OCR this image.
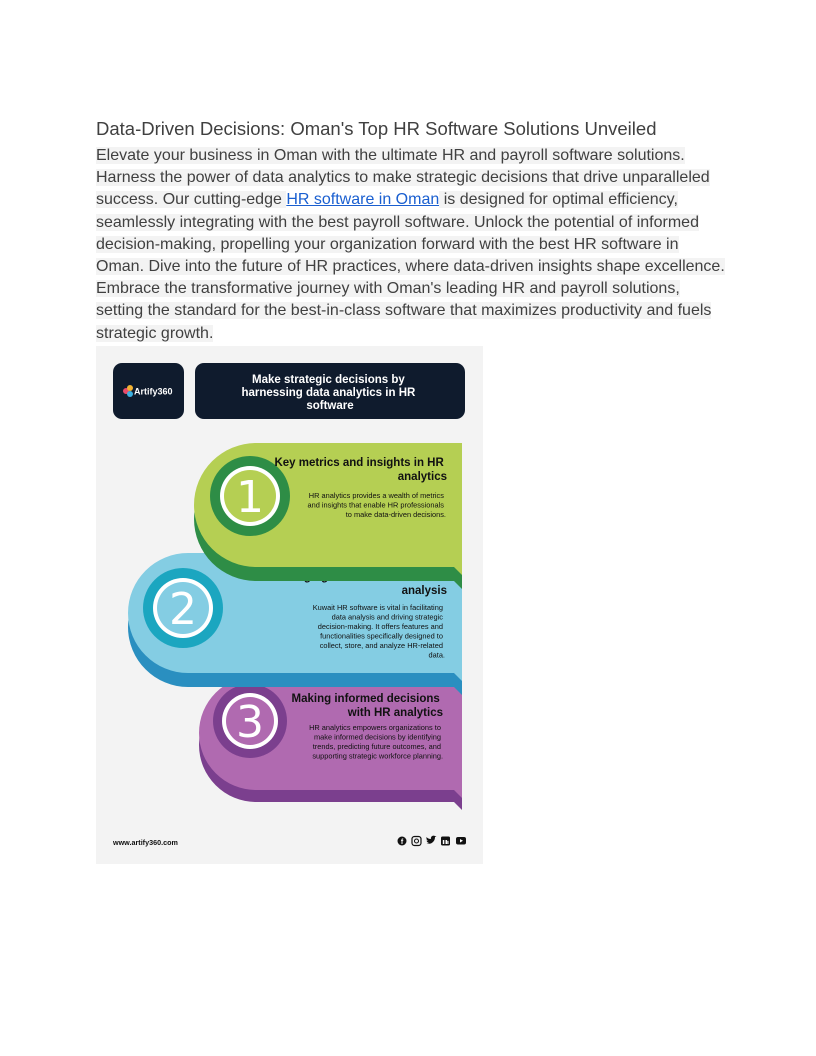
Data-Driven Decisions: Oman's Top HR Software Solutions Unveiled

Elevate your business in Oman with the ultimate HR and payroll software solutions. Harness the power of data analytics to make strategic decisions that drive unparalleled success. Our cutting-edge HR software in Oman is designed for optimal efficiency, seamlessly integrating with the best payroll software. Unlock the potential of informed decision-making, propelling your organization forward with the best HR software in Oman. Dive into the future of HR practices, where data-driven insights shape excellence. Embrace the transformative journey with Oman's leading HR and payroll solutions, setting the standard for the best-in-class software that maximizes productivity and fuels strategic growth.

Artify360
Make strategic decisions by harnessing data analytics in HR software
3 Making informed decisions with HR analytics
HR analytics empowers organizations to make informed decisions by identifying trends, predicting future outcomes, and supporting strategic workforce planning.
2	analysis
Kuwait HR software is vital in facilitating data analysis and driving strategic decision-making. It offers features and functionalities specifically designed to collect, store, and analyze HR-related data.
1
Key metrics and insights in HR analytics
HR analytics provides a wealth of metrics and insights that enable HR professionals to make data-driven decisions.
www.artify360.com	f
